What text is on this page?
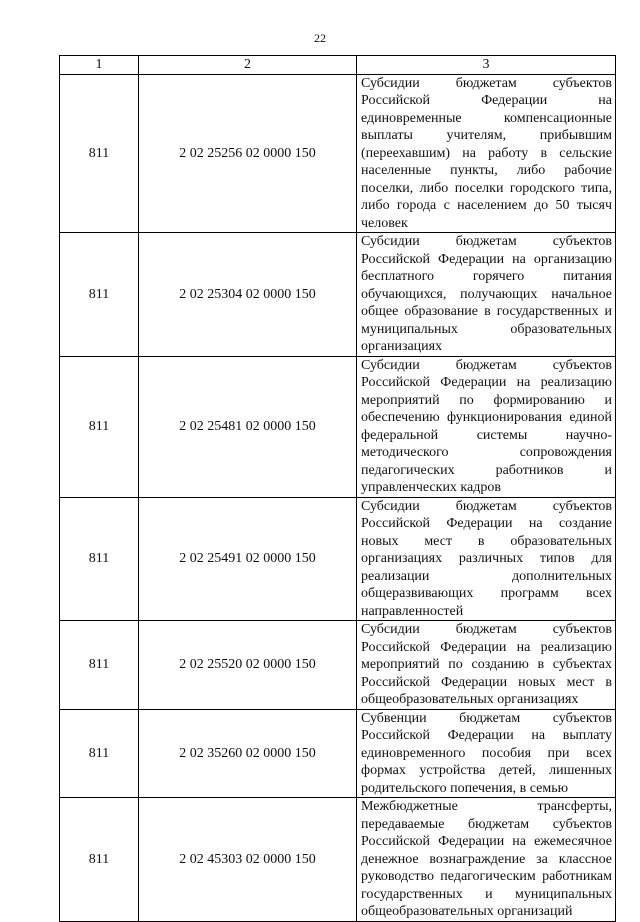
22
1	2	3
811	2 02 25256 02 0000 150	Субсидии бюджетам субъектов Российской Федерации на единовременные компенсационные выплаты учителям, прибывшим (переехавшим) на работу в сельские населенные пункты, либо рабочие поселки, либо поселки городского типа, либо города с населением до 50 тысяч человек
811	2 02 25304 02 0000 150	Субсидии бюджетам субъектов Российской Федерации на организацию бесплатного горячего питания обучающихся, получающих начальное общее образование в государственных и муниципальных образовательных организациях
811	2 02 25481 02 0000 150	Субсидии бюджетам субъектов Российской Федерации на реализацию мероприятий по формированию и обеспечению функционирования единой федеральной системы научно-методического сопровождения педагогических работников и управленческих кадров
811	2 02 25491 02 0000 150	Субсидии бюджетам субъектов Российской Федерации на создание новых мест в образовательных организациях различных типов для реализации дополнительных общеразвивающих программ всех направленностей
811	2 02 25520 02 0000 150	Субсидии бюджетам субъектов Российской Федерации на реализацию мероприятий по созданию в субъектах Российской Федерации новых мест в общеобразовательных организациях
811	2 02 35260 02 0000 150	Субвенции бюджетам субъектов Российской Федерации на выплату единовременного пособия при всех формах устройства детей, лишенных родительского попечения, в семью
811	2 02 45303 02 0000 150	Межбюджетные трансферты, передаваемые бюджетам субъектов Российской Федерации на ежемесячное денежное вознаграждение за классное руководство педагогическим работникам государственных и муниципальных общеобразовательных организаций
